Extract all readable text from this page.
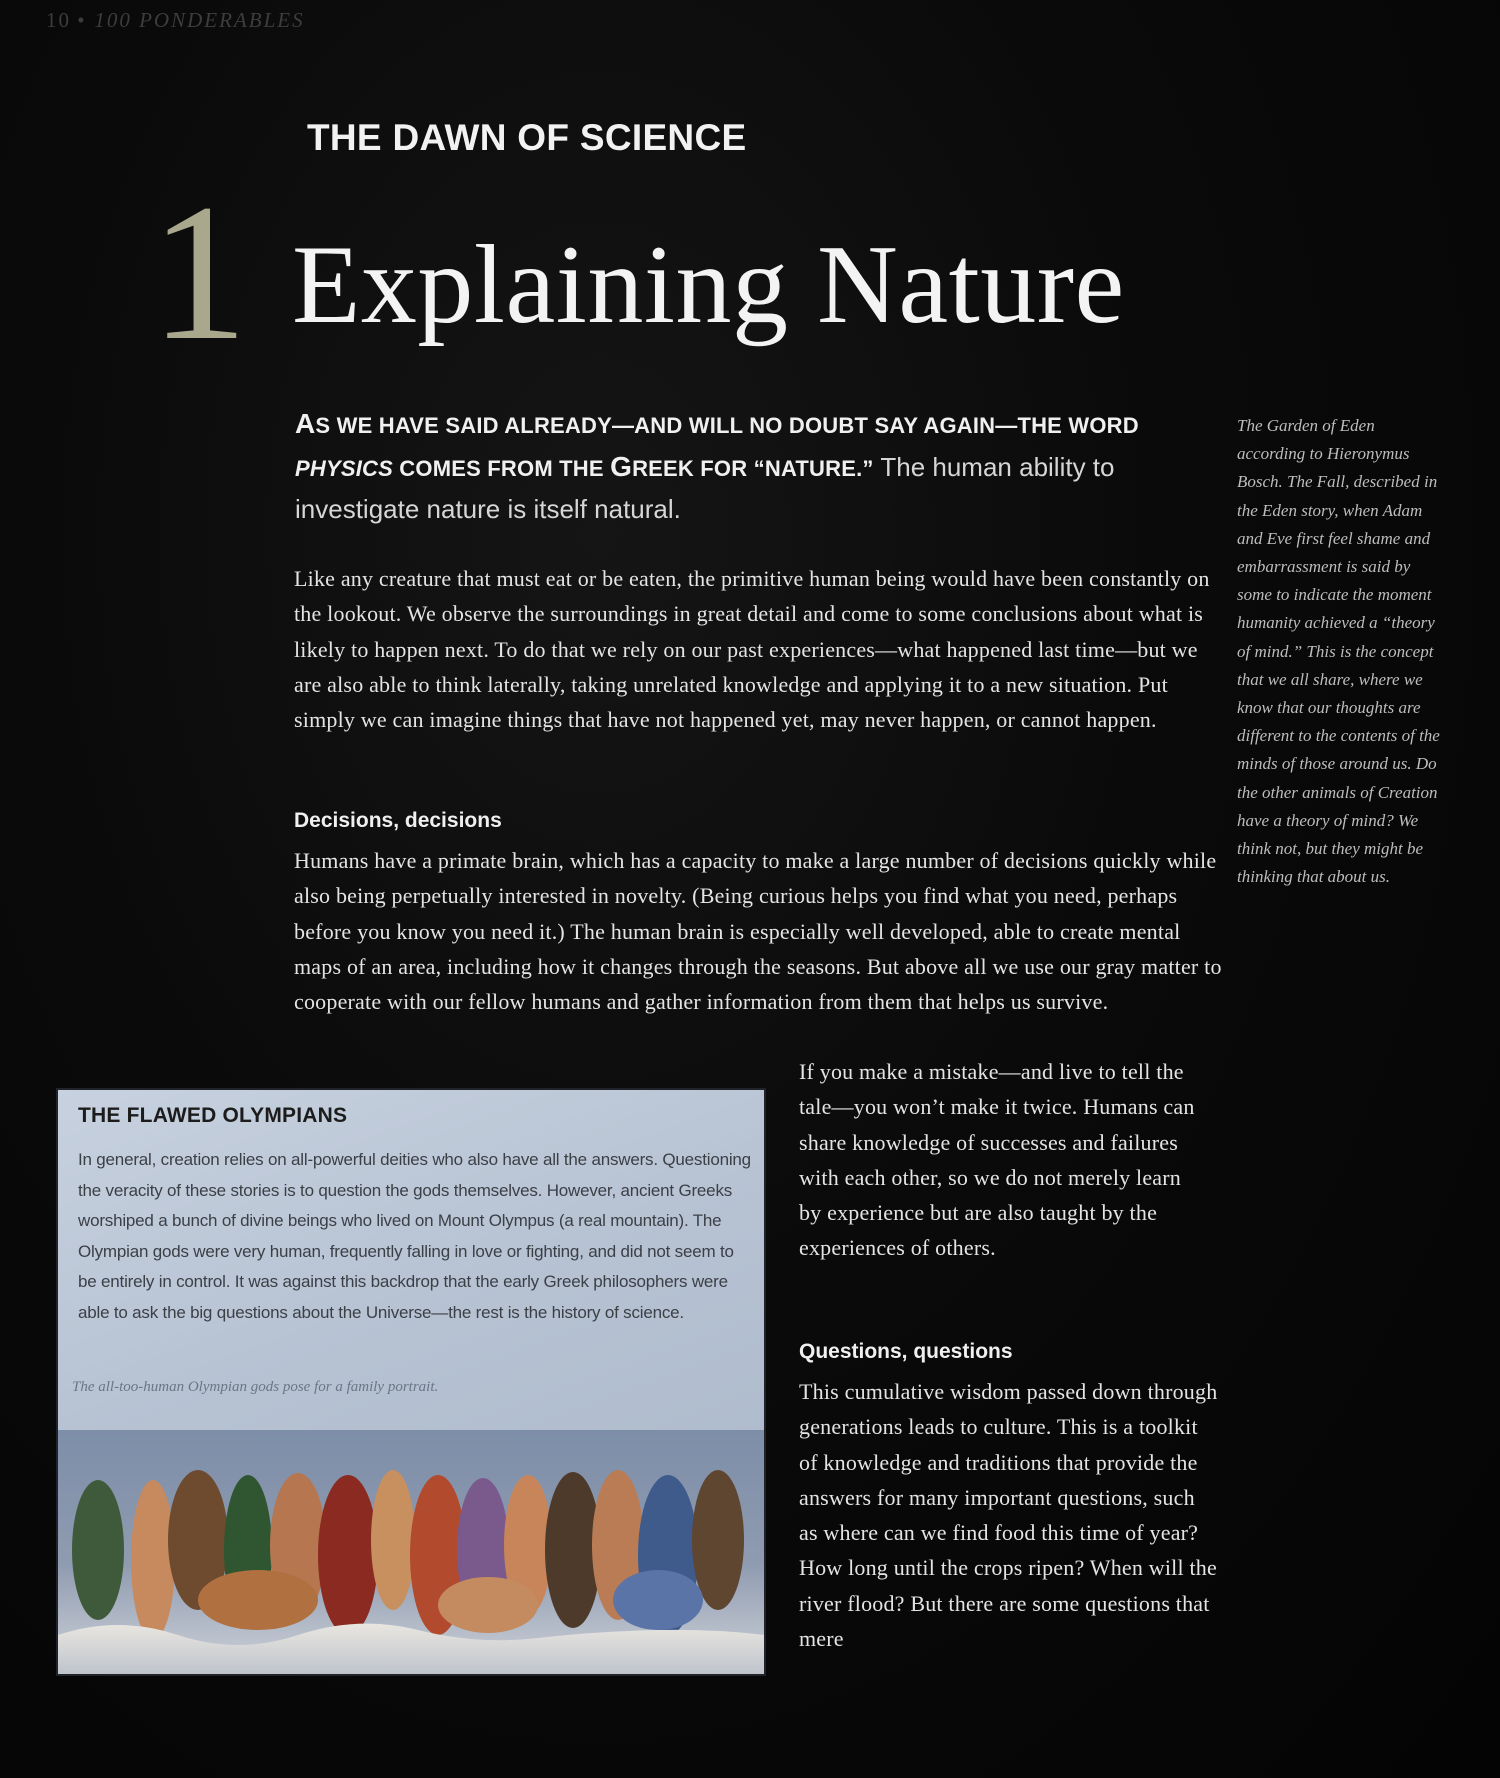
10 • 100 PONDERABLES
THE DAWN OF SCIENCE
1 Explaining Nature
AS WE HAVE SAID ALREADY—AND WILL NO DOUBT SAY AGAIN—THE WORD PHYSICS COMES FROM THE GREEK FOR “NATURE.” The human ability to investigate nature is itself natural.
Like any creature that must eat or be eaten, the primitive human being would have been constantly on the lookout. We observe the surroundings in great detail and come to some conclusions about what is likely to happen next. To do that we rely on our past experiences—what happened last time—but we are also able to think laterally, taking unrelated knowledge and applying it to a new situation. Put simply we can imagine things that have not happened yet, may never happen, or cannot happen.
Decisions, decisions
Humans have a primate brain, which has a capacity to make a large number of decisions quickly while also being perpetually interested in novelty. (Being curious helps you find what you need, perhaps before you know you need it.) The human brain is especially well developed, able to create mental maps of an area, including how it changes through the seasons. But above all we use our gray matter to cooperate with our fellow humans and gather information from them that helps us survive.
If you make a mistake—and live to tell the tale—you won’t make it twice. Humans can share knowledge of successes and failures with each other, so we do not merely learn by experience but are also taught by the experiences of others.
Questions, questions
This cumulative wisdom passed down through generations leads to culture. This is a toolkit of knowledge and traditions that provide the answers for many important questions, such as where can we find food this time of year? How long until the crops ripen? When will the river flood? But there are some questions that mere
The Garden of Eden according to Hieronymus Bosch. The Fall, described in the Eden story, when Adam and Eve first feel shame and embarrassment is said by some to indicate the moment humanity achieved a “theory of mind.” This is the concept that we all share, where we know that our thoughts are different to the contents of the minds of those around us. Do the other animals of Creation have a theory of mind? We think not, but they might be thinking that about us.
THE FLAWED OLYMPIANS
In general, creation relies on all-powerful deities who also have all the answers. Questioning the veracity of these stories is to question the gods themselves. However, ancient Greeks worshiped a bunch of divine beings who lived on Mount Olympus (a real mountain). The Olympian gods were very human, frequently falling in love or fighting, and did not seem to be entirely in control. It was against this backdrop that the early Greek philosophers were able to ask the big questions about the Universe—the rest is the history of science.
The all-too-human Olympian gods pose for a family portrait.
